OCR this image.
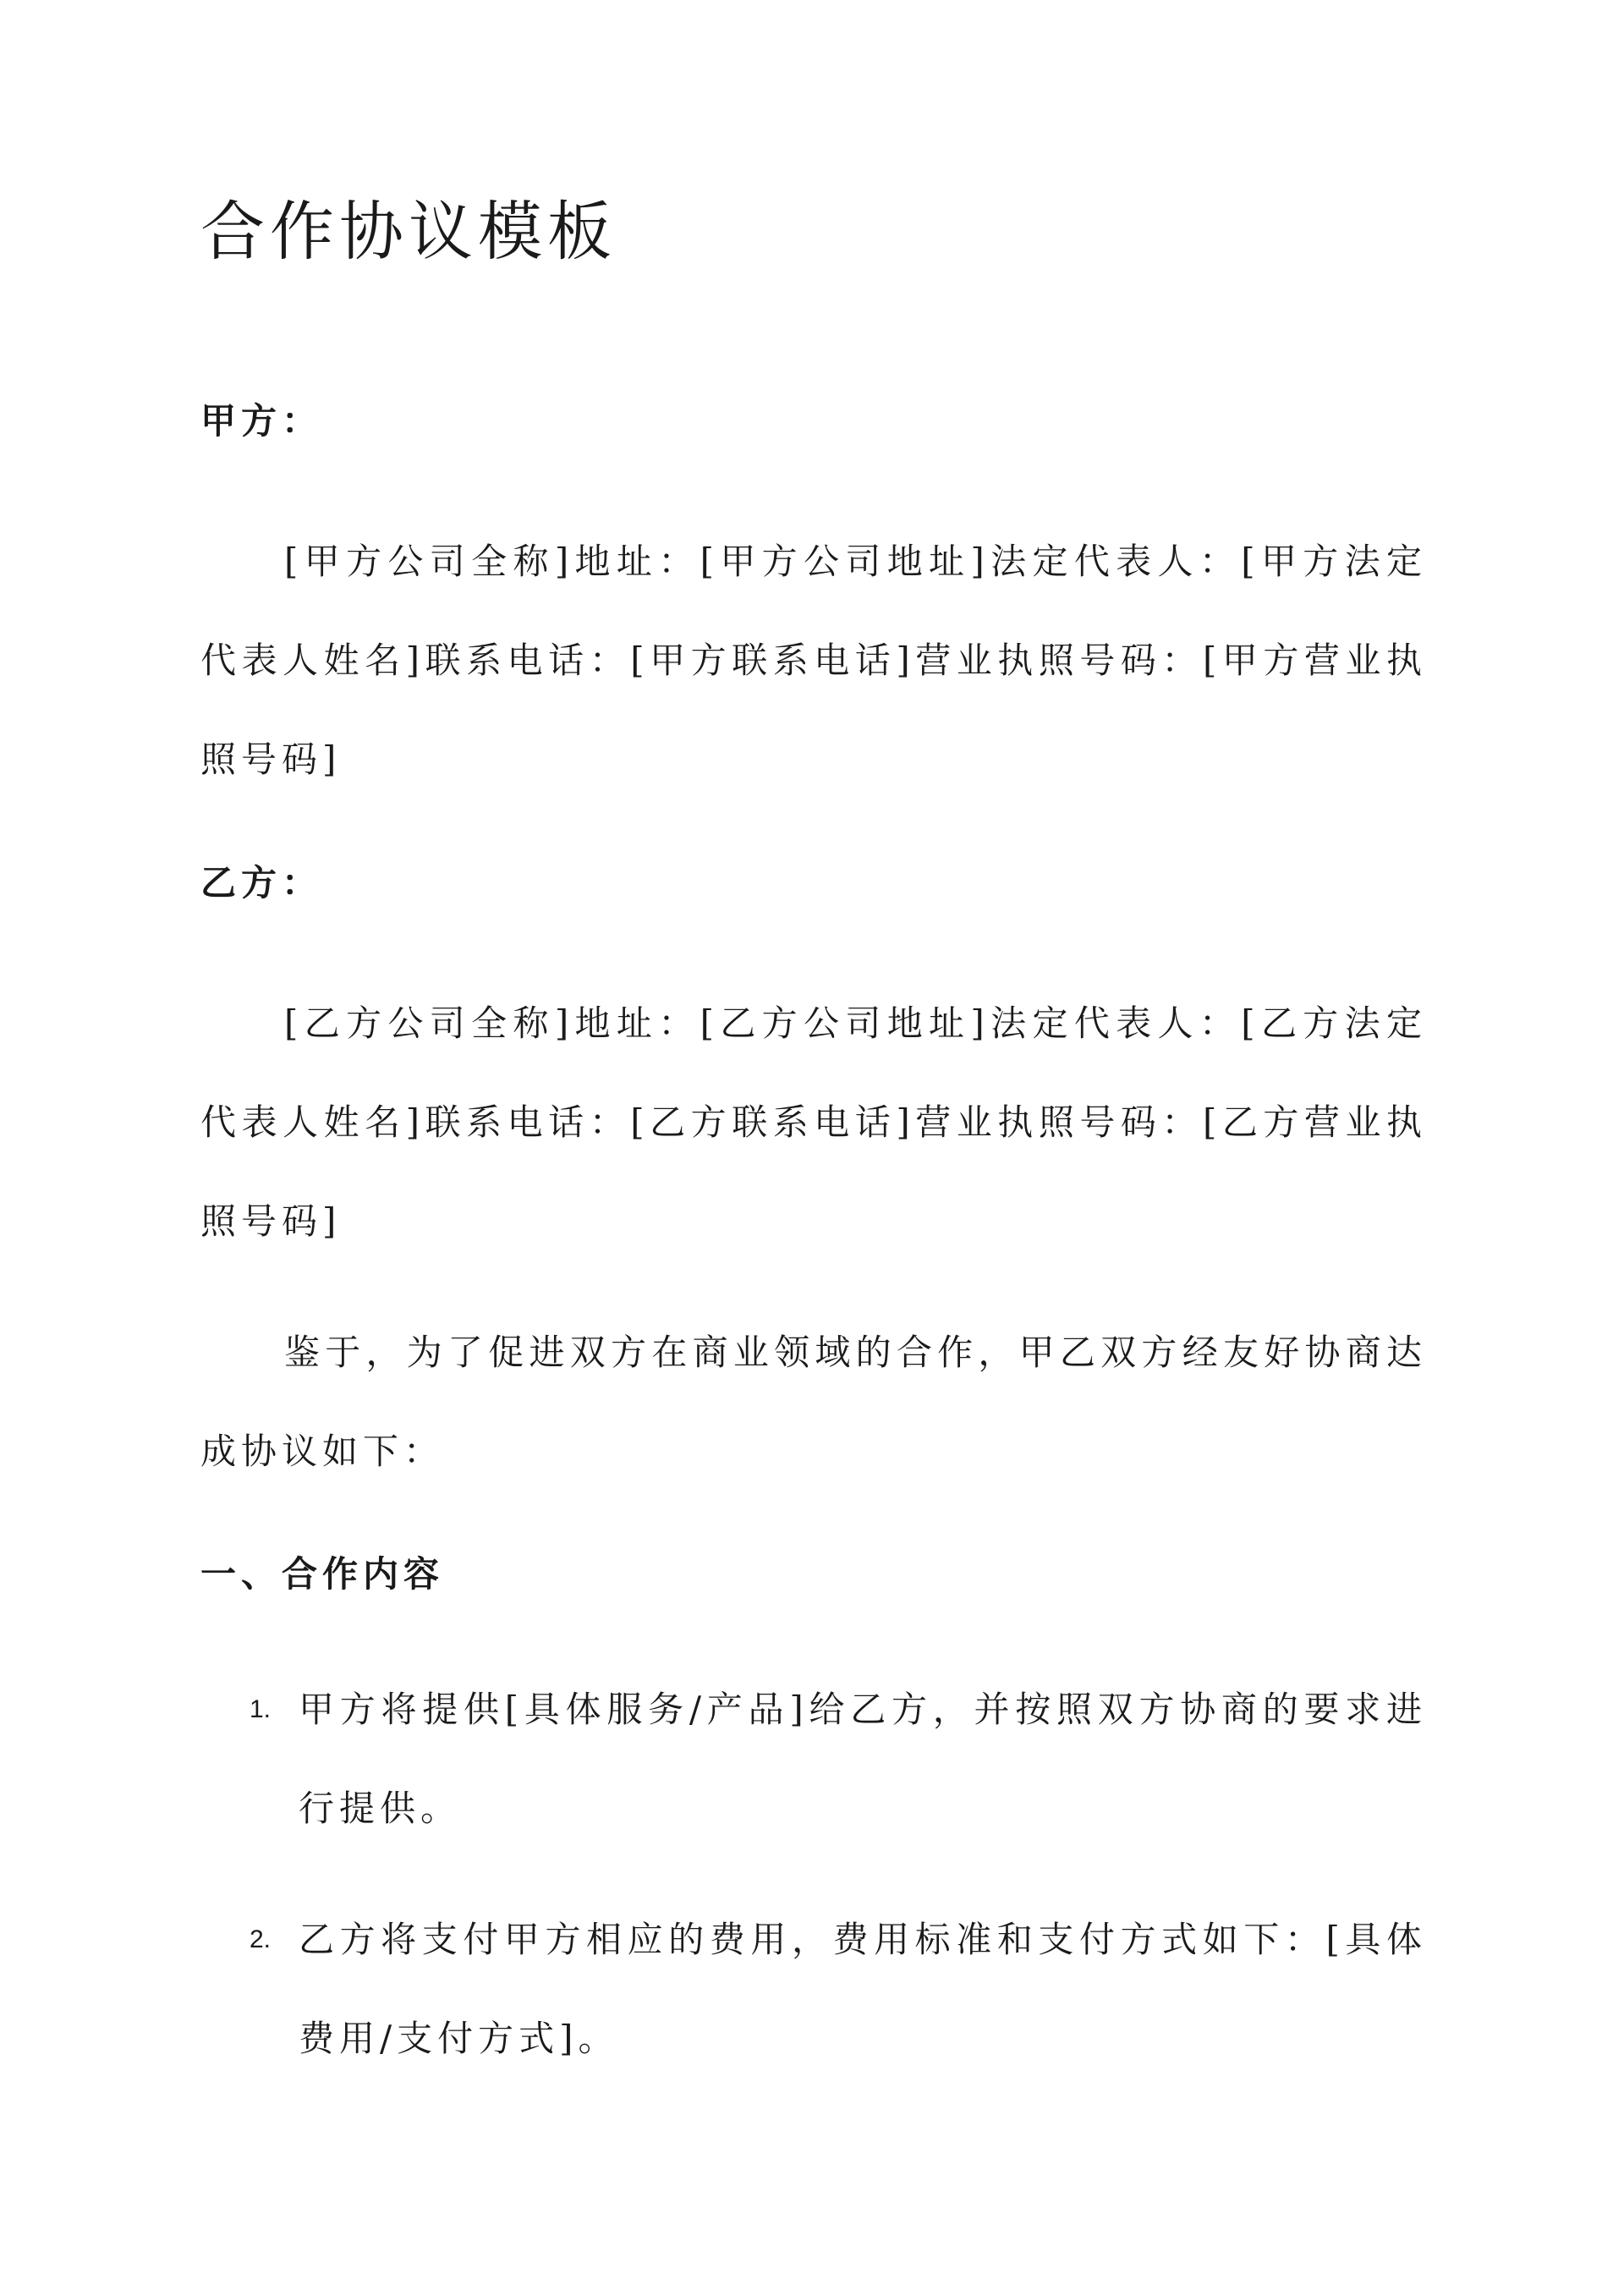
合作协议模板
甲方：

[甲方公司全称]地址：[甲方公司地址]法定代表人：[甲方法定代表人姓名]联系电话：[甲方联系电话]营业执照号码：[甲方营业执照号码]

乙方：

[乙方公司全称]地址：[乙方公司地址]法定代表人：[乙方法定代表人姓名]联系电话：[乙方联系电话]营业执照号码：[乙方营业执照号码]

鉴于，为了促进双方在商业领域的合作，甲乙双方经友好协商达成协议如下：

一、合作内容
1. 甲方将提供[具体服务/产品]给乙方，并按照双方协商的要求进行提供。

2. 乙方将支付甲方相应的费用，费用标准和支付方式如下：[具体费用/支付方式]。
